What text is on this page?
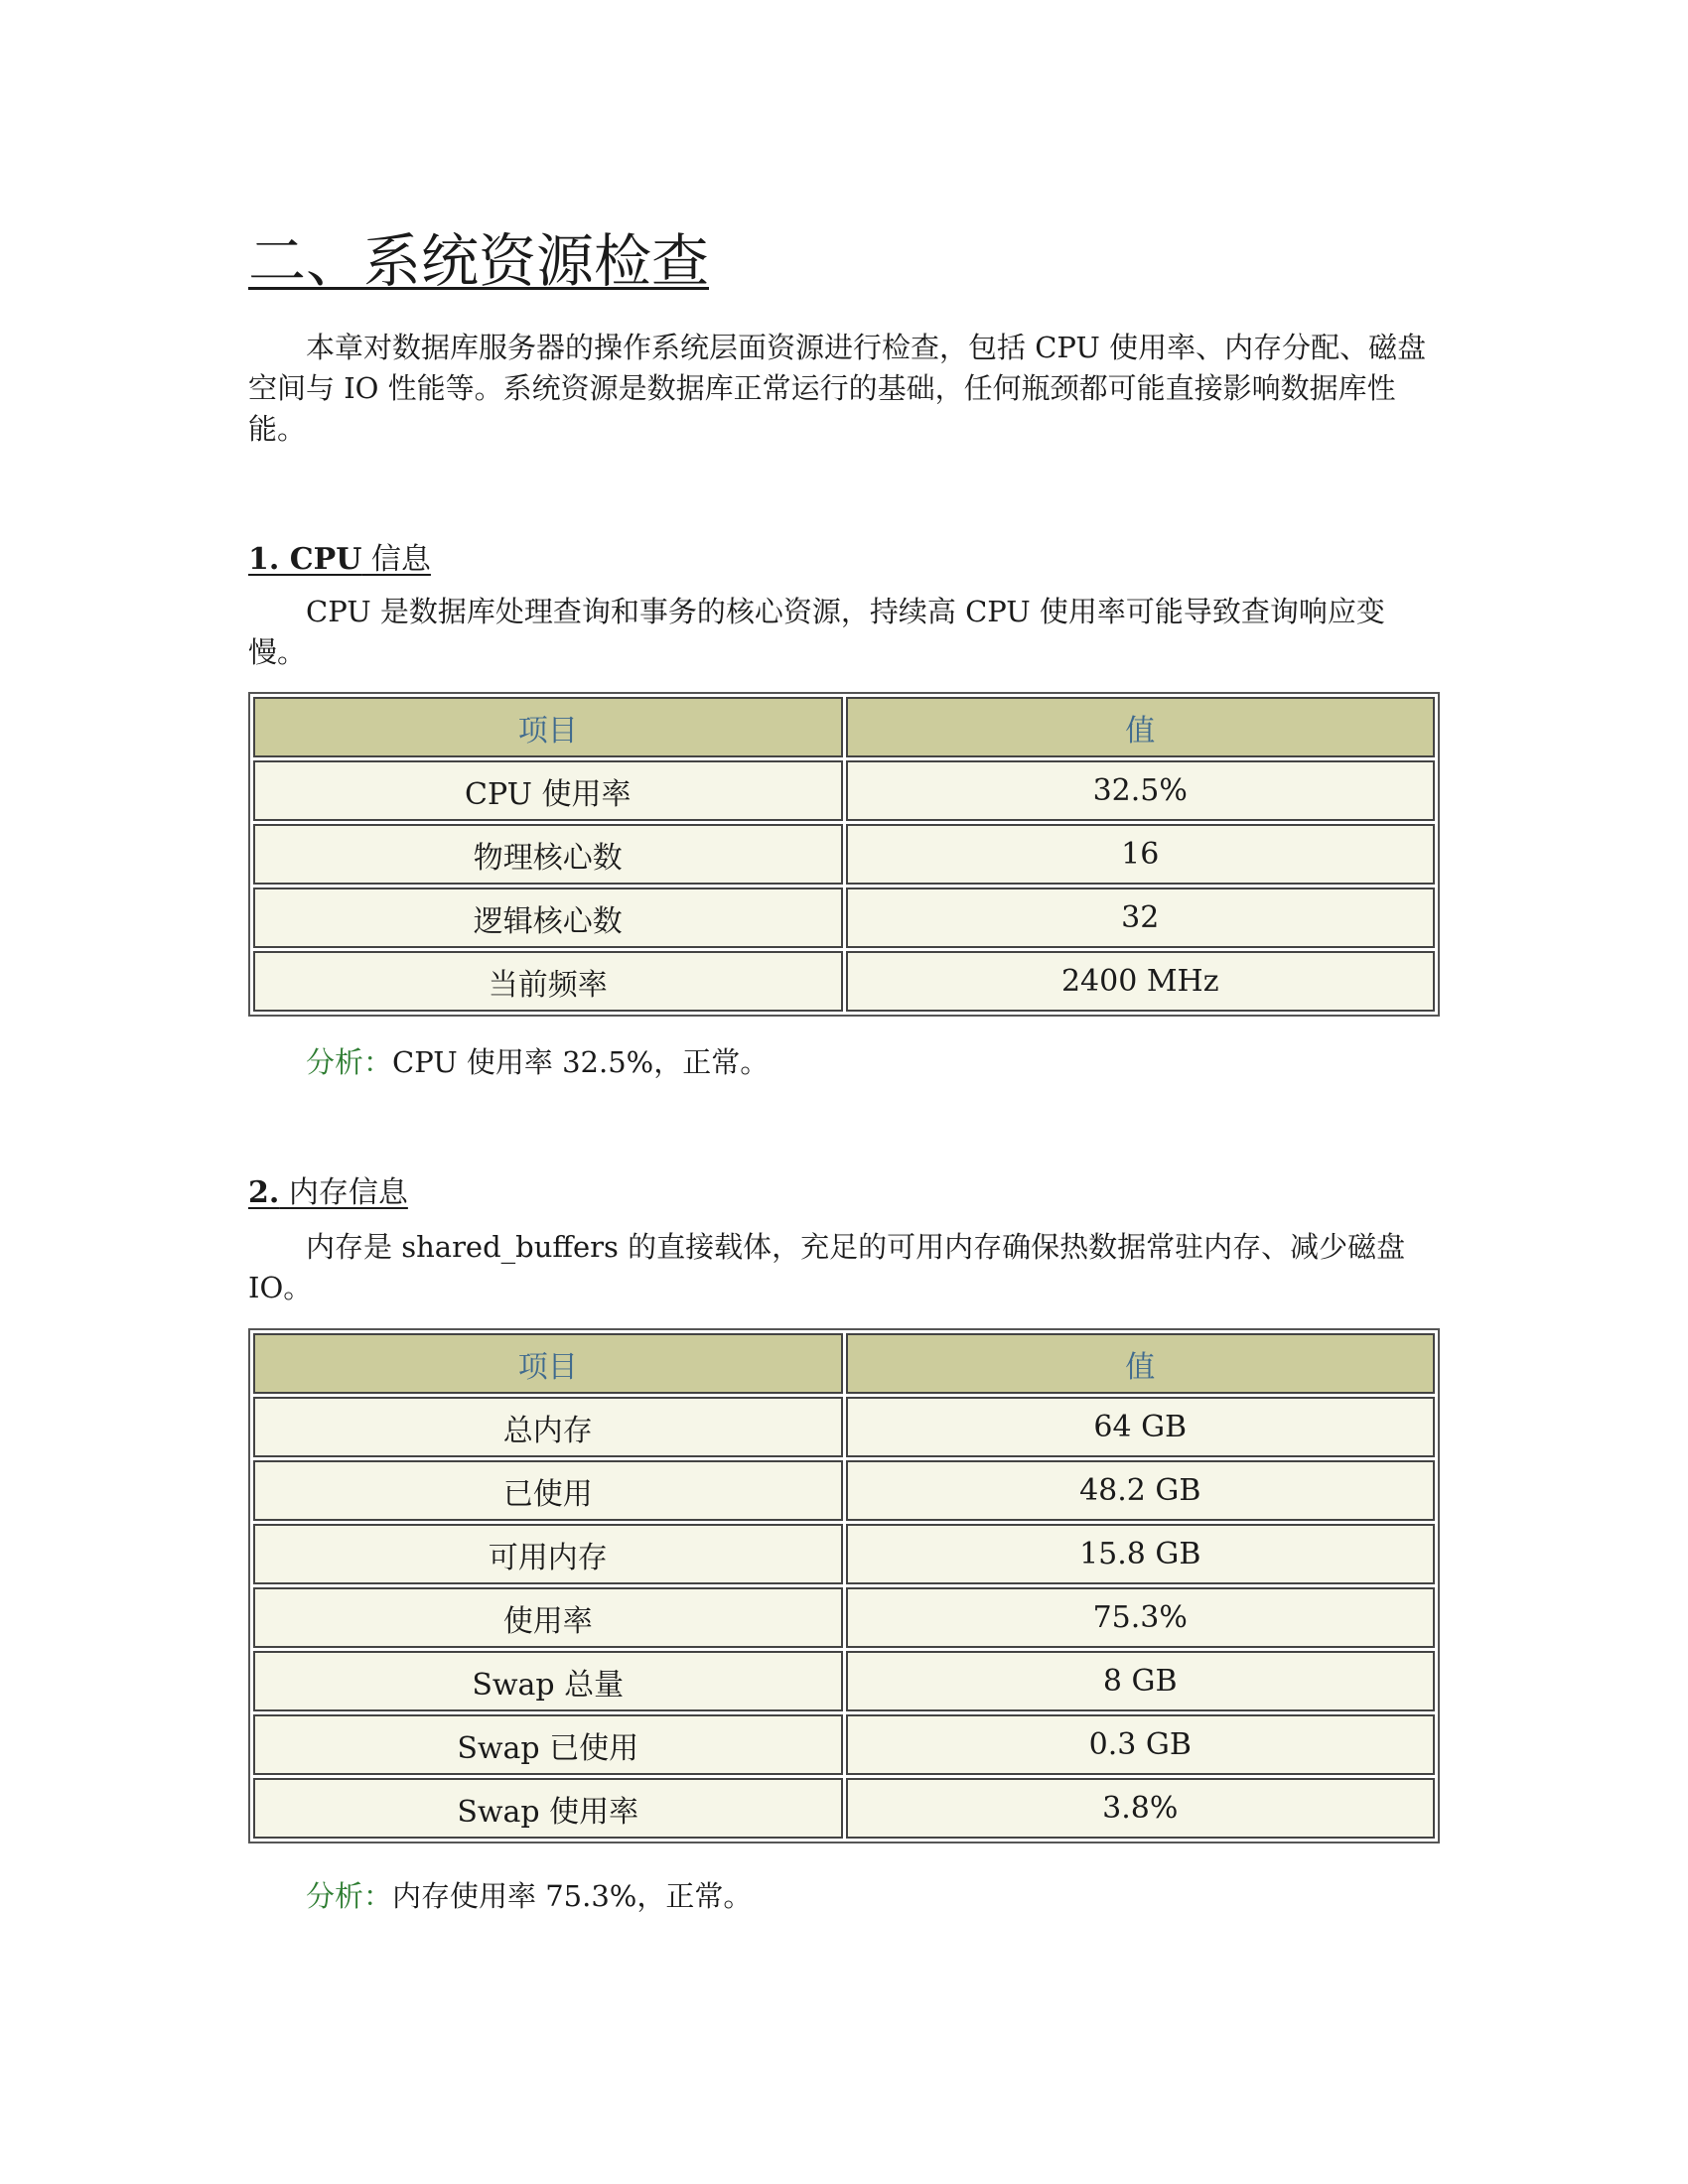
二、系统资源检查

本章对数据库服务器的操作系统层面资源进行检查，包括 CPU 使用率、内存分配、磁盘空间与 IO 性能等。系统资源是数据库正常运行的基础，任何瓶颈都可能直接影响数据库性能。

1. CPU 信息

CPU 是数据库处理查询和事务的核心资源，持续高 CPU 使用率可能导致查询响应变慢。

项目	值
CPU 使用率	32.5%
物理核心数	16
逻辑核心数	32
当前频率	2400 MHz

分析：CPU 使用率 32.5%，正常。

2. 内存信息

内存是 shared_buffers 的直接载体，充足的可用内存确保热数据常驻内存、减少磁盘 IO。

项目	值
总内存	64 GB
已使用	48.2 GB
可用内存	15.8 GB
使用率	75.3%
Swap 总量	8 GB
Swap 已使用	0.3 GB
Swap 使用率	3.8%

分析：内存使用率 75.3%，正常。
